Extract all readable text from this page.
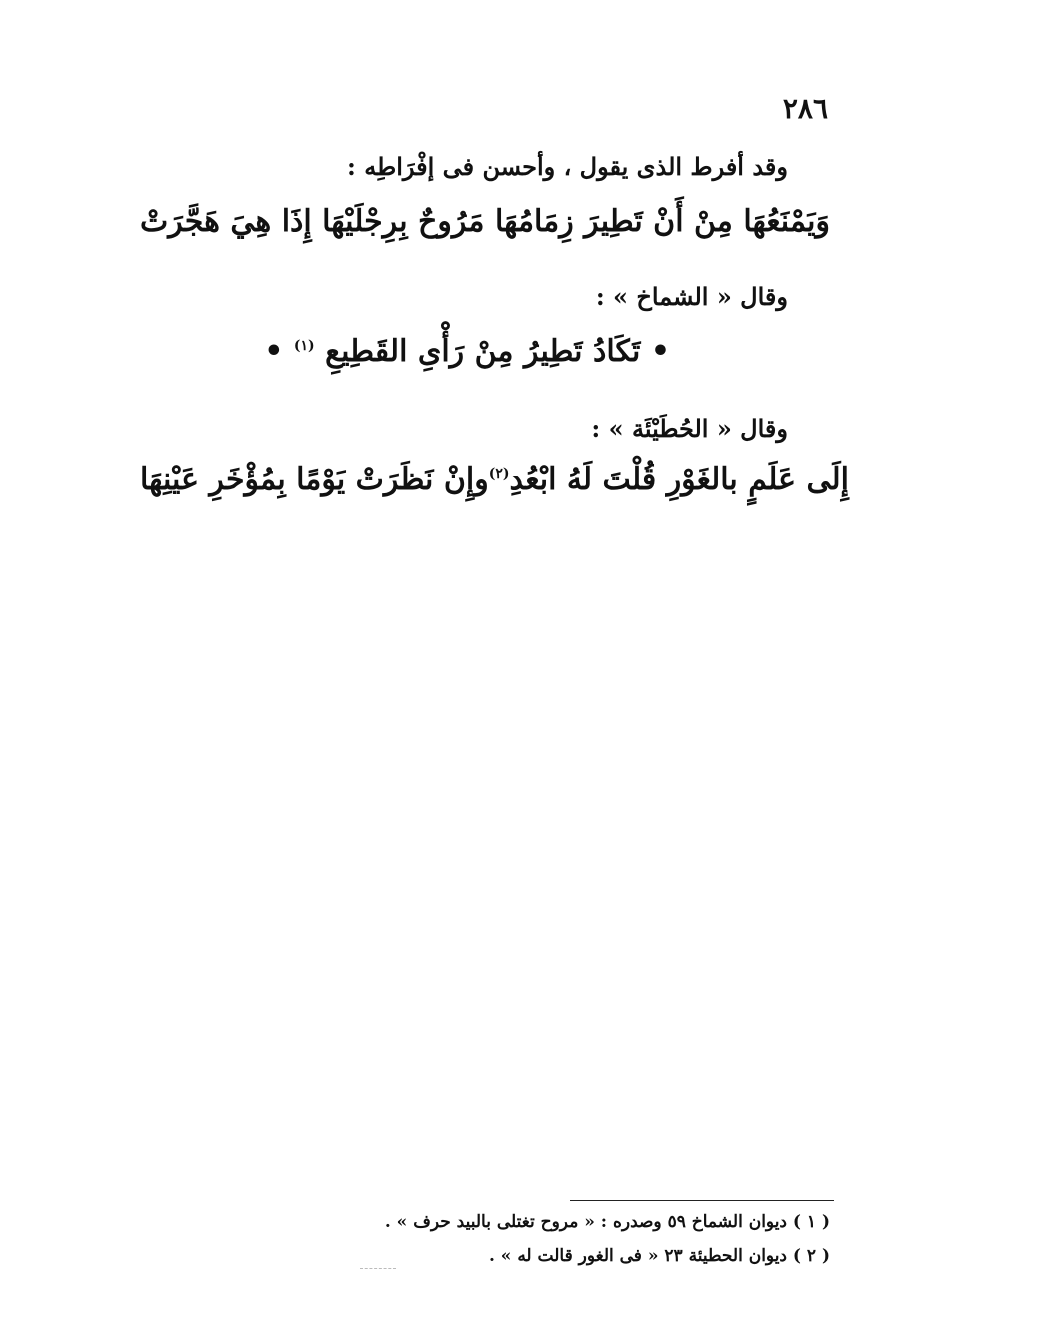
٢٨٦
وقد أفرط الذى يقول ، وأحسن فى إفْرَاطِه :
مَرُوحٌ بِرِجْلَيْهَا إِذَا هِيَ هَجَّرَتْ وَيَمْنَعُهَا مِنْ أَنْ تَطِيرَ زِمَامُهَا
وقال « الشماخ » :
• تَكَادُ تَطِيرُ مِنْ رَأْىِ القَطِيعِ $^{(١)}$ •
وقال « الحُطَيْئَة » :
وإِنْ نَظَرَتْ يَوْمًا بِمُؤْخَرِ عَيْنِهَا إِلَى عَلَمٍ بالغَوْرِ قُلْتَ لَهُ ابْعُدِ$^{(٢)}$
( ١ ) ديوان الشماخ ٥٩ وصدره : « مروح تغتلى بالبيد حرف » .
( ٢ ) ديوان الحطيئة ٢٣ « فى الغور قالت له » .
